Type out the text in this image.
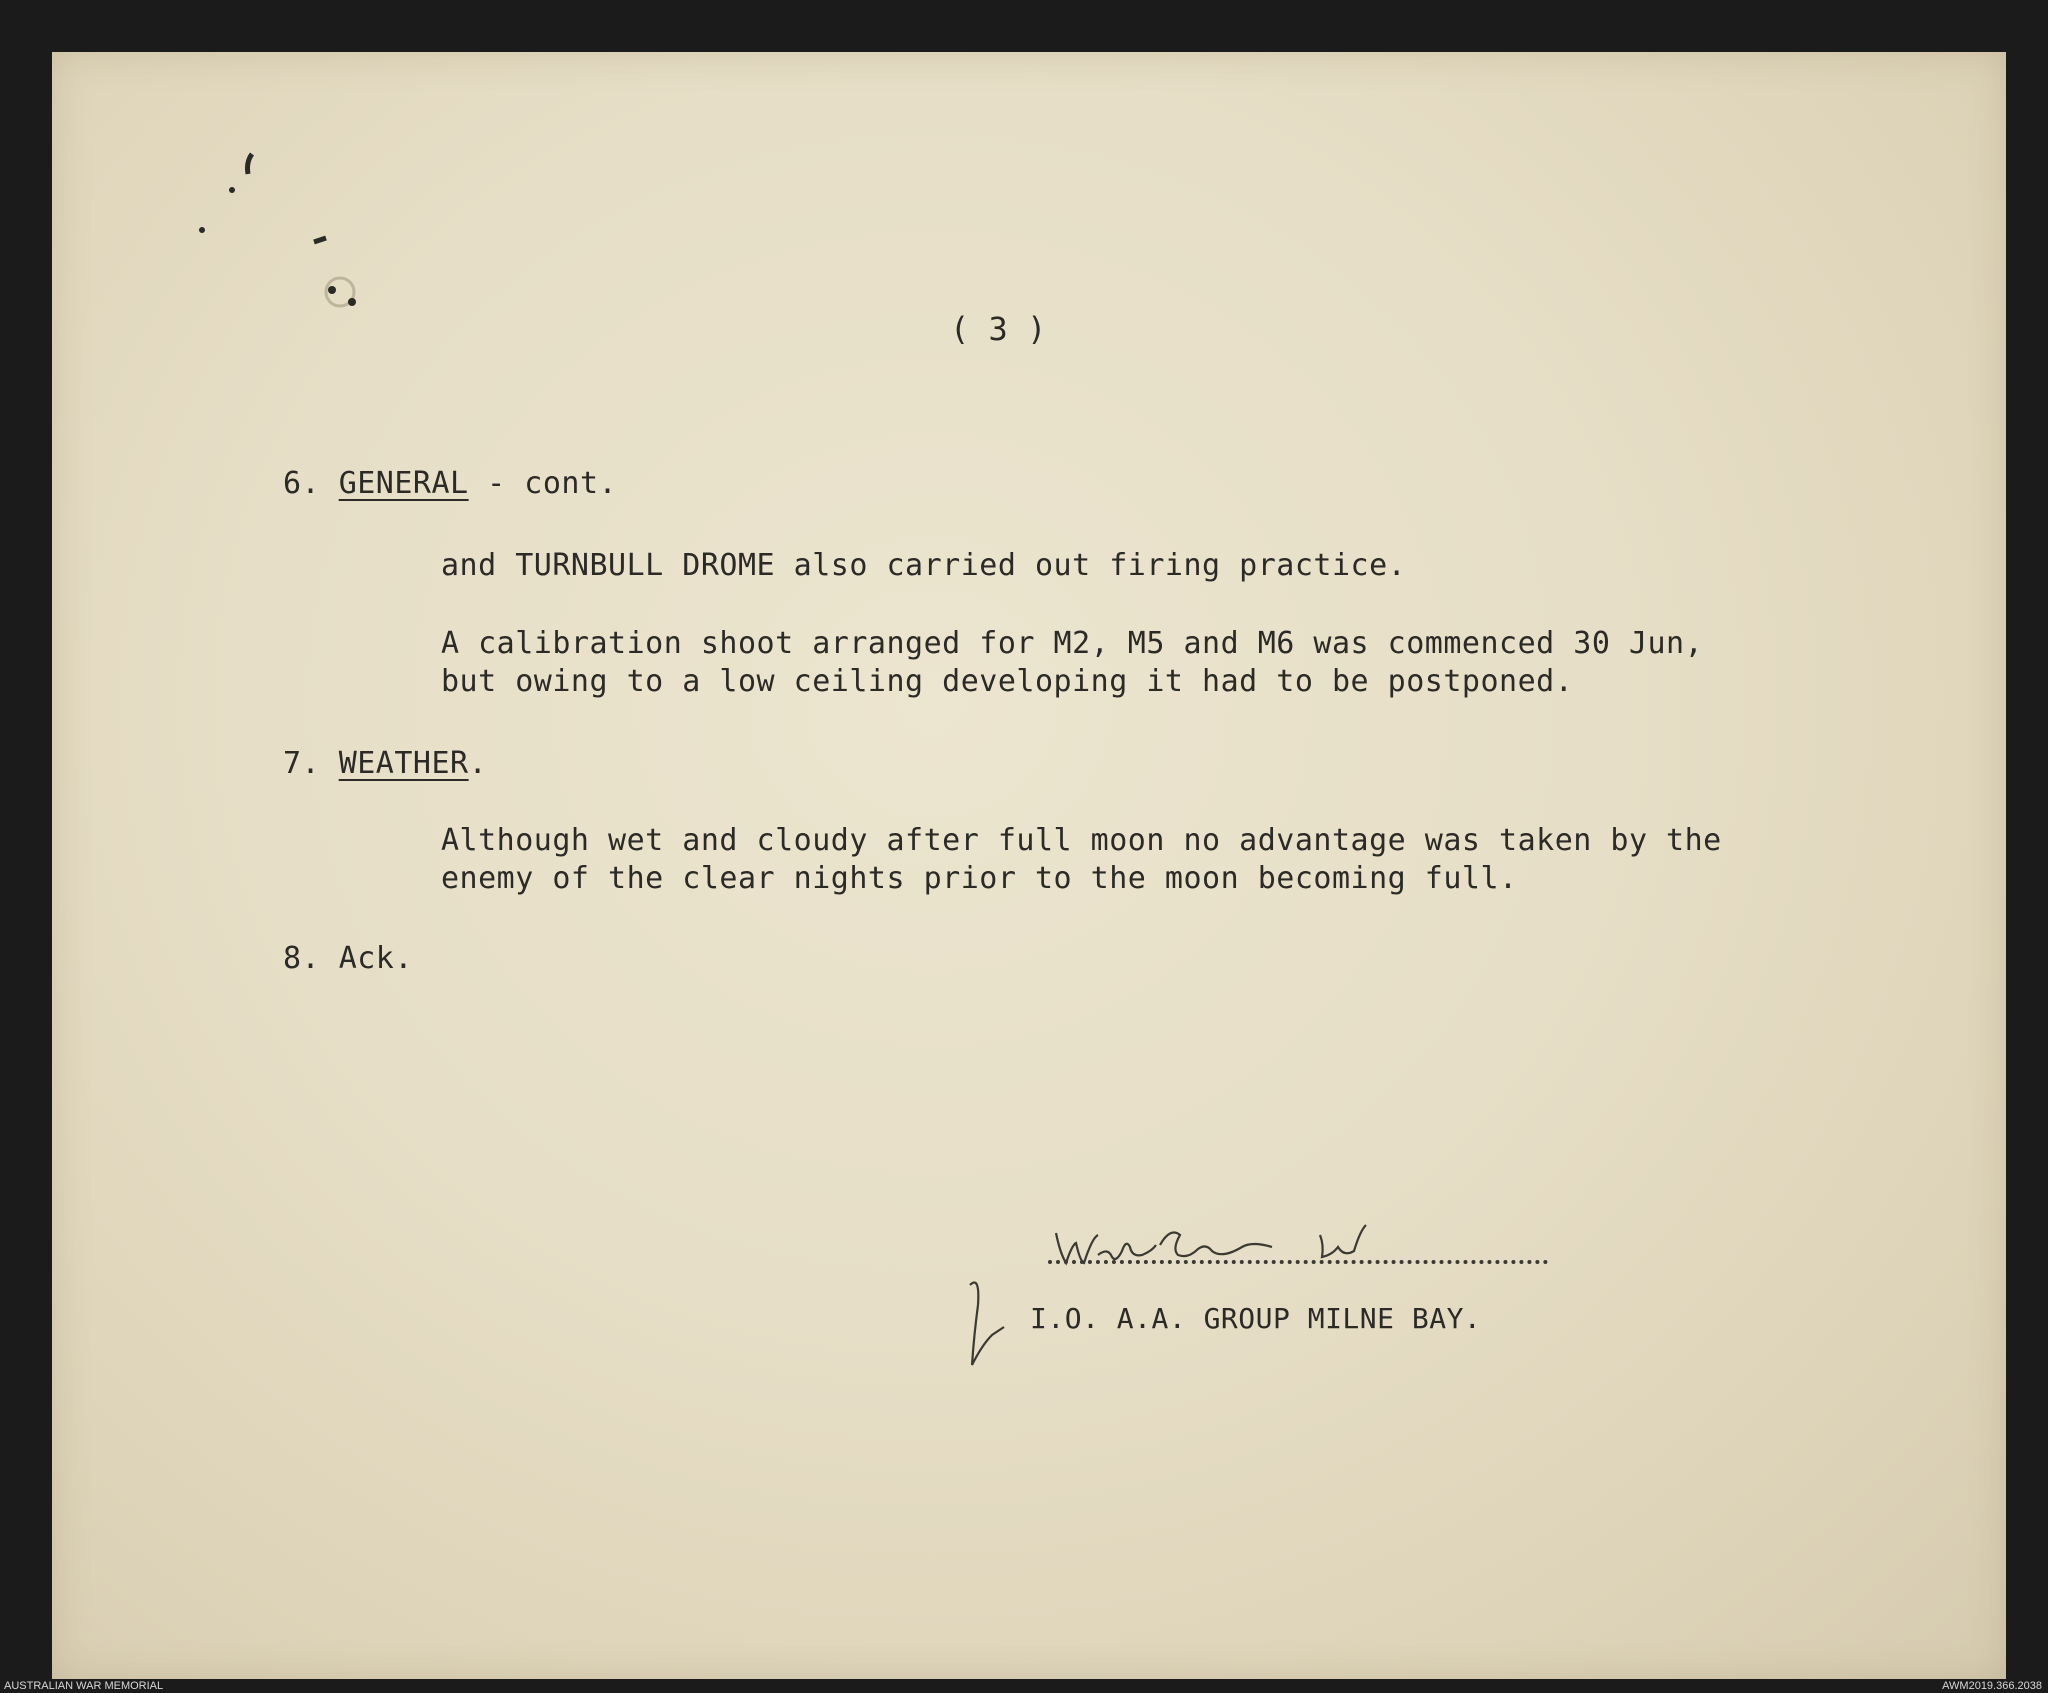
( 3 )
6. GENERAL - cont.
and TURNBULL DROME also carried out firing practice.
A calibration shoot arranged for M2, M5 and M6 was commenced 30 Jun,
but owing to a low ceiling developing it had to be postponed.
7. WEATHER.
Although wet and cloudy after full moon no advantage was taken by the
enemy of the clear nights prior to the moon becoming full.
8. Ack.
I.O. A.A. GROUP MILNE BAY.
AUSTRALIAN WAR MEMORIAL	AWM2019.366.2038
